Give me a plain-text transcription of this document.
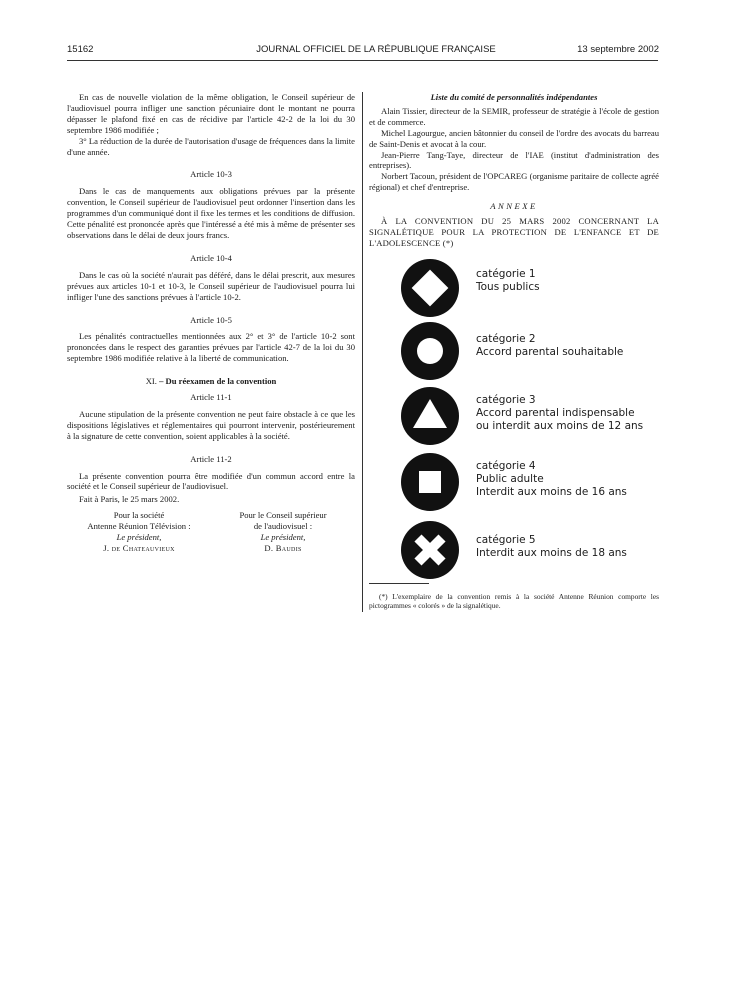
15162	JOURNAL OFFICIEL DE LA RÉPUBLIQUE FRANÇAISE	13 septembre 2002

En cas de nouvelle violation de la même obligation, le Conseil supérieur de l'audiovisuel pourra infliger une sanction pécuniaire dont le montant ne pourra dépasser le plafond fixé en cas de récidive par l'article 42-2 de la loi du 30 septembre 1986 modifiée ;

3° La réduction de la durée de l'autorisation d'usage de fréquences dans la limite d'une année.

Article 10-3

Dans le cas de manquements aux obligations prévues par la présente convention, le Conseil supérieur de l'audiovisuel peut ordonner l'insertion dans les programmes d'un communiqué dont il fixe les termes et les conditions de diffusion. Cette pénalité est prononcée après que l'intéressé a été mis à même de présenter ses observations dans le délai de deux jours francs.

Article 10-4

Dans le cas où la société n'aurait pas déféré, dans le délai prescrit, aux mesures prévues aux articles 10-1 et 10-3, le Conseil supérieur de l'audiovisuel pourra lui infliger l'une des sanctions prévues à l'article 10-2.

Article 10-5

Les pénalités contractuelles mentionnées aux 2° et 3° de l'article 10-2 sont prononcées dans le respect des garanties prévues par l'article 42-7 de la loi du 30 septembre 1986 modifiée relative à la liberté de communication.

XI. – Du réexamen de la convention
Article 11-1

Aucune stipulation de la présente convention ne peut faire obstacle à ce que les dispositions législatives et réglementaires qui pourront intervenir, postérieurement à la signature de cette convention, soient applicables à la société.

Article 11-2

La présente convention pourra être modifiée d'un commun accord entre la société et le Conseil supérieur de l'audiovisuel.

Fait à Paris, le 25 mars 2002.

Pour la société
Antenne Réunion Télévision :
Le président,
J. de Chateauvieux
Pour le Conseil supérieur
de l'audiovisuel :
Le président,
D. Baudis
Liste du comité de personnalités indépendantes

Alain Tissier, directeur de la SEMIR, professeur de stratégie à l'école de gestion et de commerce.

Michel Lagourgue, ancien bâtonnier du conseil de l'ordre des avocats du barreau de Saint-Denis et avocat à la cour.

Jean-Pierre Tang-Taye, directeur de l'IAE (institut d'administration des entreprises).

Norbert Tacoun, président de l'OPCAREG (organisme paritaire de collecte agréé régional) et chef d'entreprise.

ANNEXE

À LA CONVENTION DU 25 MARS 2002 CONCERNANT LA SIGNALÉTIQUE POUR LA PROTECTION DE L'ENFANCE ET DE L'ADOLESCENCE (*)

catégorie 1
Tous publics
catégorie 2
Accord parental souhaitable
catégorie 3
Accord parental indispensable
ou interdit aux moins de 12 ans
catégorie 4
Public adulte
Interdit aux moins de 16 ans
catégorie 5
Interdit aux moins de 18 ans
(*) L'exemplaire de la convention remis à la société Antenne Réunion comporte les pictogrammes « colorés » de la signalétique.
